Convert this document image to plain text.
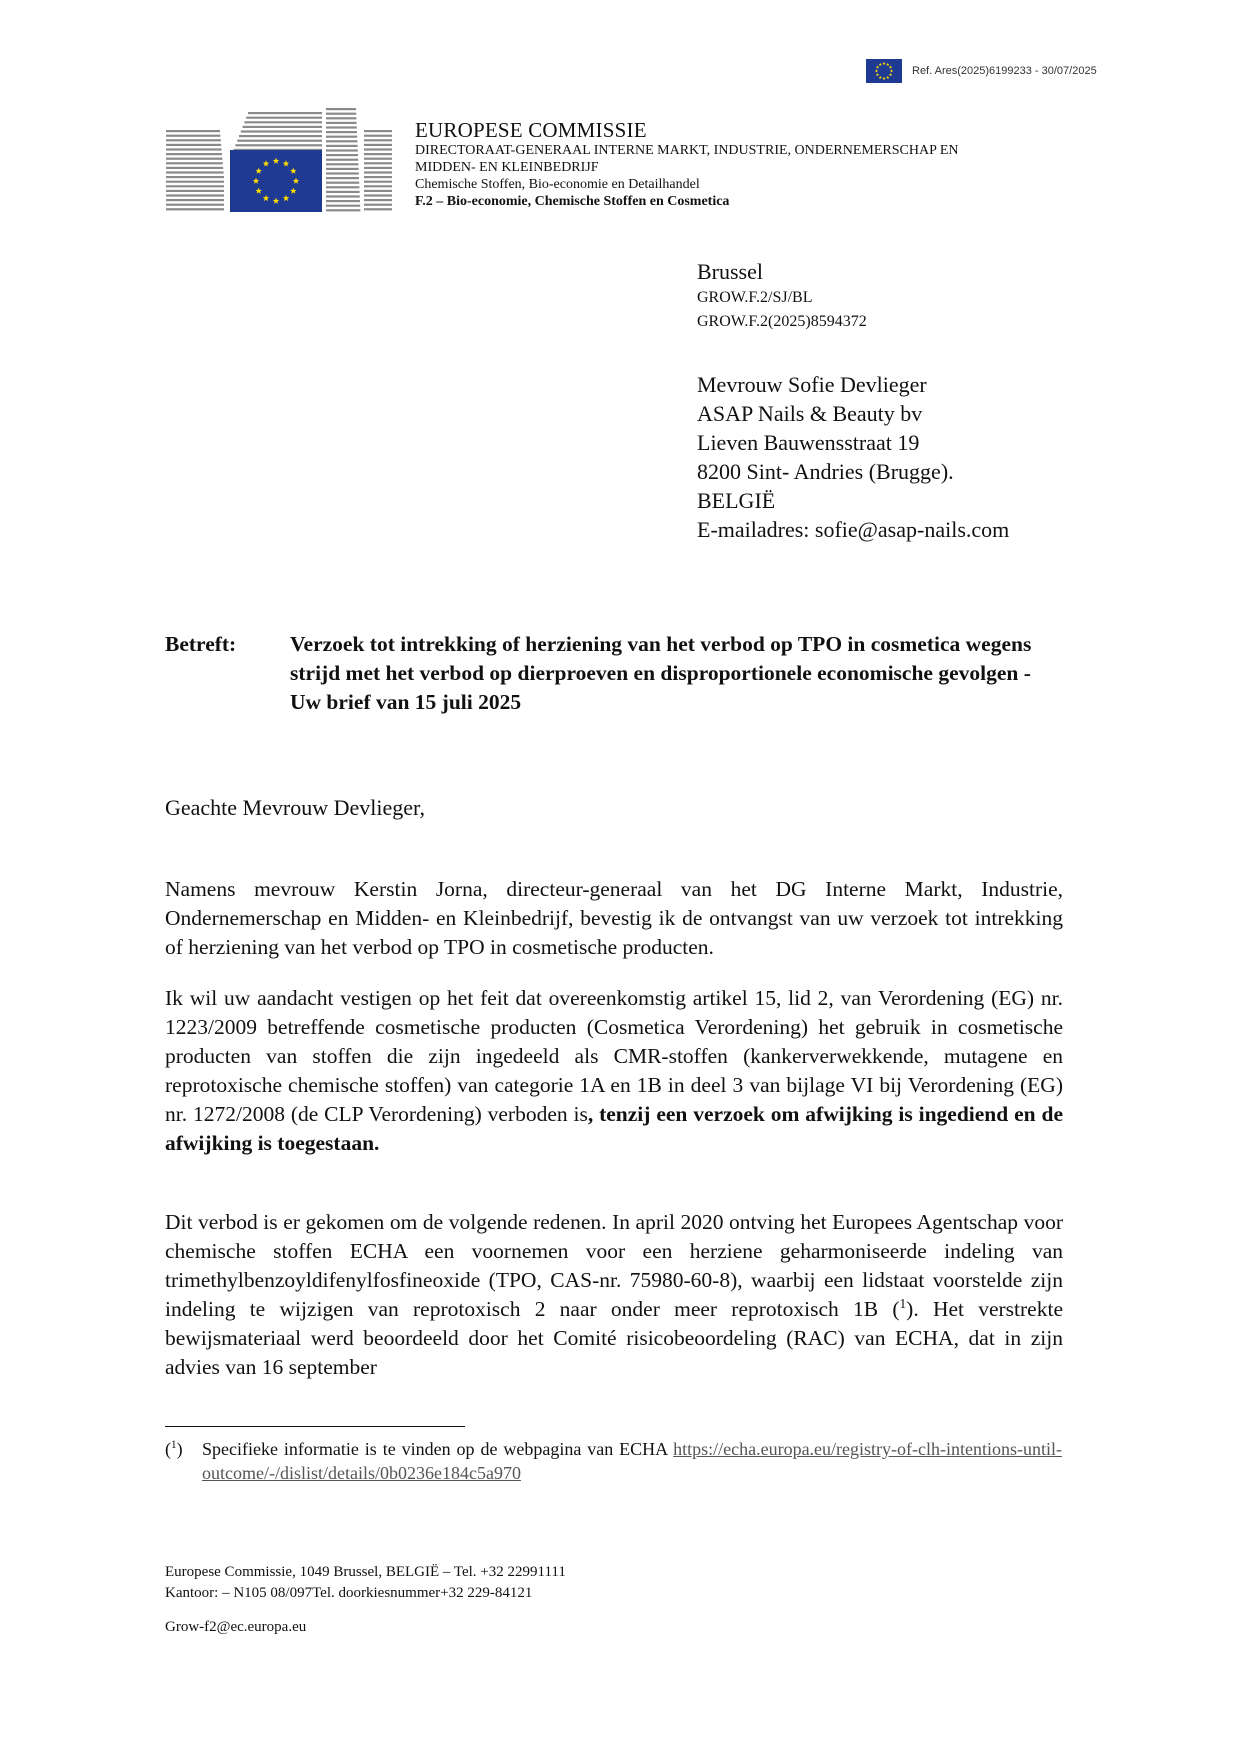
Ref. Ares(2025)6199233 - 30/07/2025
EUROPESE COMMISSIE
DIRECTORAAT-GENERAAL INTERNE MARKT, INDUSTRIE, ONDERNEMERSCHAP EN
MIDDEN- EN KLEINBEDRIJF
Chemische Stoffen, Bio-economie en Detailhandel
F.2 – Bio-economie, Chemische Stoffen en Cosmetica
Brussel
GROW.F.2/SJ/BL
GROW.F.2(2025)8594372
Mevrouw Sofie Devlieger
ASAP Nails & Beauty bv
Lieven Bauwensstraat 19
8200 Sint- Andries (Brugge).
BELGIË
E-mailadres: sofie@asap-nails.com
Betreft:	Verzoek tot intrekking of herziening van het verbod op TPO in cosmetica wegens strijd met het verbod op dierproeven en disproportionele economische gevolgen - Uw brief van 15 juli 2025
Geachte Mevrouw Devlieger,
Namens mevrouw Kerstin Jorna, directeur-generaal van het DG Interne Markt, Industrie, Ondernemerschap en Midden- en Kleinbedrijf, bevestig ik de ontvangst van uw verzoek tot intrekking of herziening van het verbod op TPO in cosmetische producten.
Ik wil uw aandacht vestigen op het feit dat overeenkomstig artikel 15, lid 2, van Verordening (EG) nr. 1223/2009 betreffende cosmetische producten (Cosmetica Verordening) het gebruik in cosmetische producten van stoffen die zijn ingedeeld als CMR-stoffen (kankerverwekkende, mutagene en reprotoxische chemische stoffen) van categorie 1A en 1B in deel 3 van bijlage VI bij Verordening (EG) nr. 1272/2008 (de CLP Verordening) verboden is, tenzij een verzoek om afwijking is ingediend en de afwijking is toegestaan.
Dit verbod is er gekomen om de volgende redenen. In april 2020 ontving het Europees Agentschap voor chemische stoffen ECHA een voornemen voor een herziene geharmoniseerde indeling van trimethylbenzoyldifenylfosfineoxide (TPO, CAS-nr. 75980-60-8), waarbij een lidstaat voorstelde zijn indeling te wijzigen van reprotoxisch 2 naar onder meer reprotoxisch 1B ($^1$). Het verstrekte bewijsmateriaal werd beoordeeld door het Comité risicobeoordeling (RAC) van ECHA, dat in zijn advies van 16 september
($^1$) Specifieke informatie is te vinden op de webpagina van ECHA https://echa.europa.eu/registry-of-clh-intentions-until-outcome/-/dislist/details/0b0236e184c5a970
Europese Commissie, 1049 Brussel, BELGIË – Tel. +32 22991111
Kantoor: – N105 08/097Tel. doorkiesnummer+32 229-84121
Grow-f2@ec.europa.eu
